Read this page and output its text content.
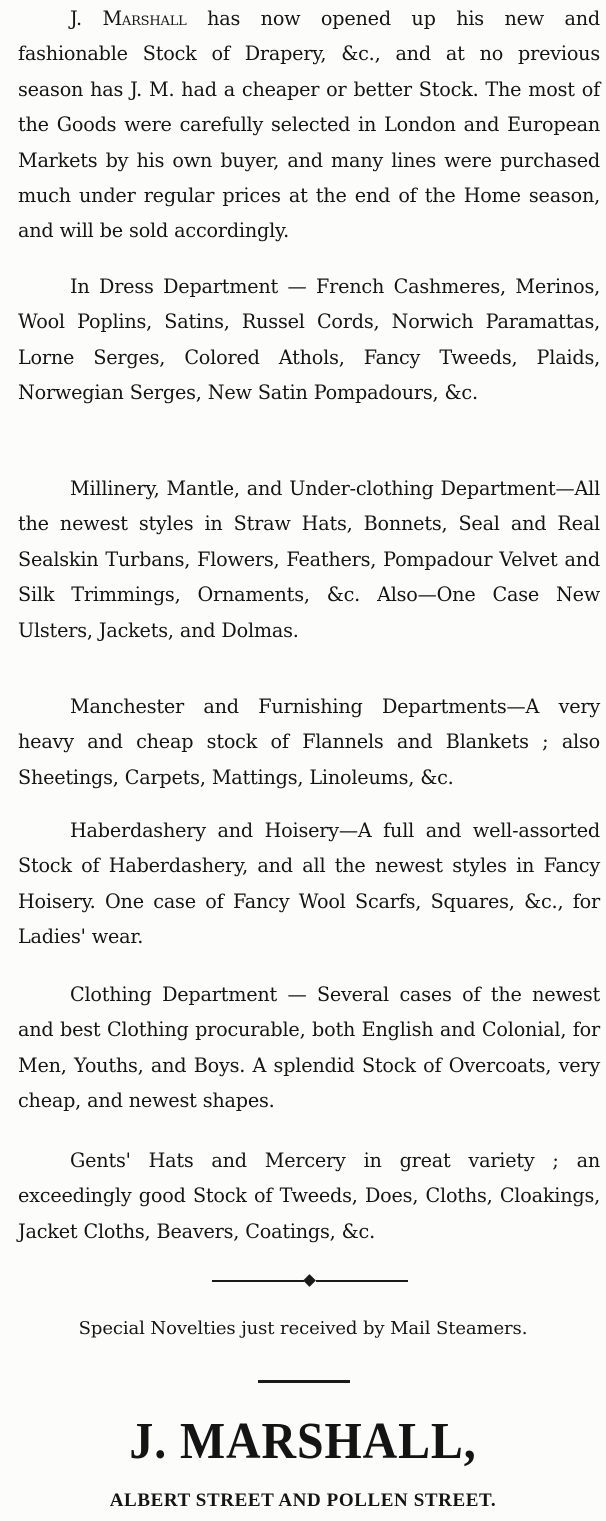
J. Marshall has now opened up his new and fashionable Stock of Drapery, &c., and at no previous season has J. M. had a cheaper or better Stock. The most of the Goods were carefully selected in London and European Markets by his own buyer, and many lines were purchased much under regular prices at the end of the Home season, and will be sold accordingly.

In Dress Department — French Cashmeres, Merinos, Wool Poplins, Satins, Russel Cords, Norwich Paramattas, Lorne Serges, Colored Athols, Fancy Tweeds, Plaids, Norwegian Serges, New Satin Pompadours, &c.

Millinery, Mantle, and Under-clothing Department—All the newest styles in Straw Hats, Bonnets, Seal and Real Sealskin Turbans, Flowers, Feathers, Pompadour Velvet and Silk Trimmings, Ornaments, &c. Also—One Case New Ulsters, Jackets, and Dolmas.

Manchester and Furnishing Departments—A very heavy and cheap stock of Flannels and Blankets ; also Sheetings, Carpets, Mattings, Linoleums, &c.

Haberdashery and Hoisery—A full and well-assorted Stock of Haberdashery, and all the newest styles in Fancy Hoisery. One case of Fancy Wool Scarfs, Squares, &c., for Ladies' wear.

Clothing Department — Several cases of the newest and best Clothing procurable, both English and Colonial, for Men, Youths, and Boys. A splendid Stock of Overcoats, very cheap, and newest shapes.

Gents' Hats and Mercery in great variety ; an exceedingly good Stock of Tweeds, Does, Cloths, Cloakings, Jacket Cloths, Beavers, Coatings, &c.

Special Novelties just received by Mail Steamers.
J. MARSHALL,
ALBERT STREET AND POLLEN STREET.
